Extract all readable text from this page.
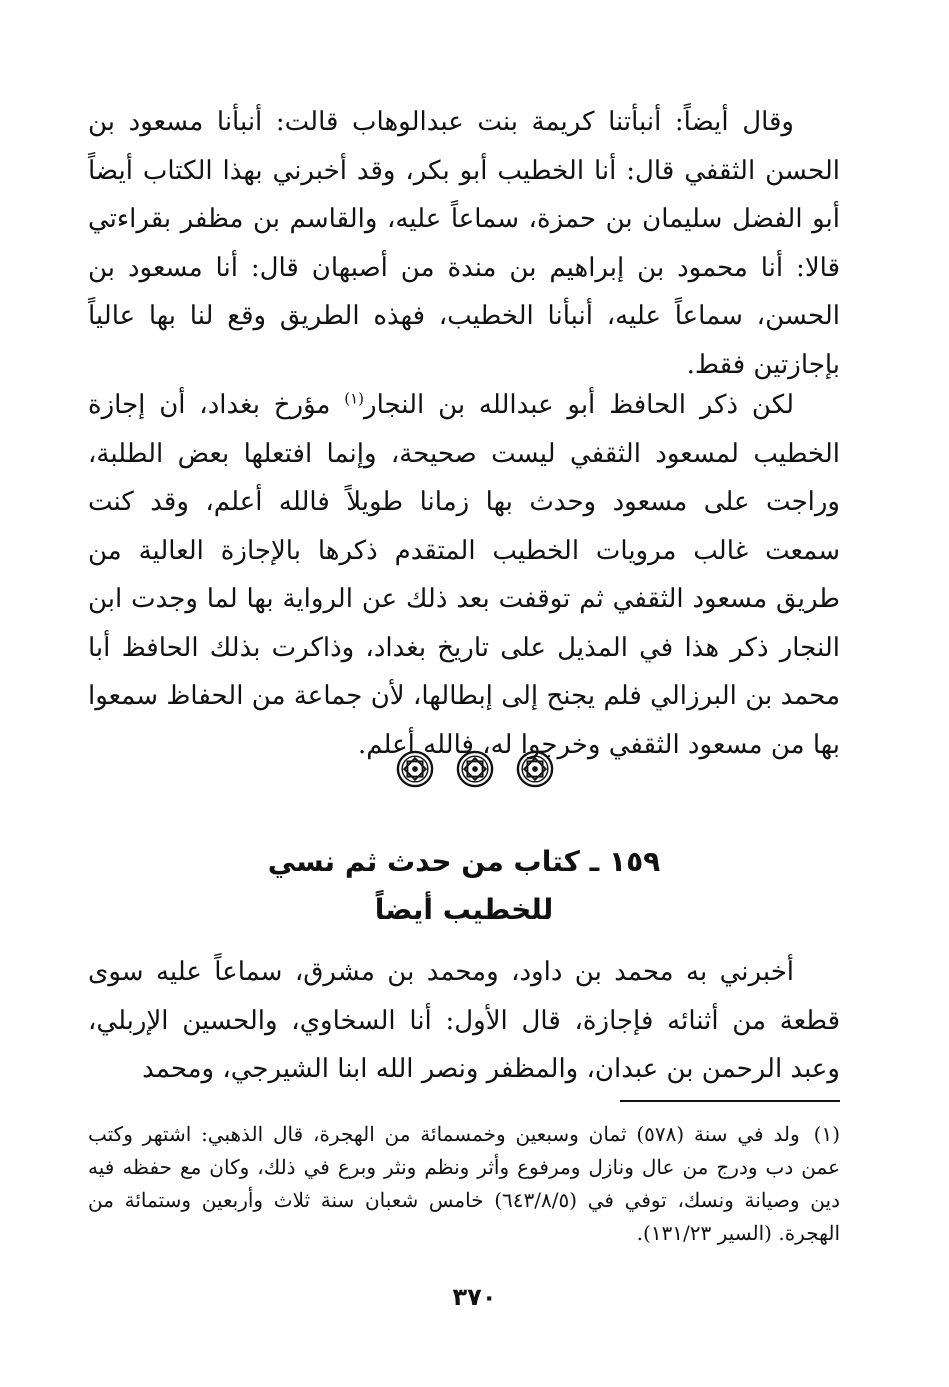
وقال أيضاً: أنبأتنا كريمة بنت عبدالوهاب قالت: أنبأنا مسعود بن الحسن الثقفي قال: أنا الخطيب أبو بكر، وقد أخبرني بهذا الكتاب أيضاً أبو الفضل سليمان بن حمزة، سماعاً عليه، والقاسم بن مظفر بقراءتي قالا: أنا محمود بن إبراهيم بن مندة من أصبهان قال: أنا مسعود بن الحسن، سماعاً عليه، أنبأنا الخطيب، فهذه الطريق وقع لنا بها عالياً بإجازتين فقط.

لكن ذكر الحافظ أبو عبدالله بن النجار$^{(١)}$ مؤرخ بغداد، أن إجازة الخطيب لمسعود الثقفي ليست صحيحة، وإنما افتعلها بعض الطلبة، وراجت على مسعود وحدث بها زمانا طويلاً فالله أعلم، وقد كنت سمعت غالب مرويات الخطيب المتقدم ذكرها بالإجازة العالية من طريق مسعود الثقفي ثم توقفت بعد ذلك عن الرواية بها لما وجدت ابن النجار ذكر هذا في المذيل على تاريخ بغداد، وذاكرت بذلك الحافظ أبا محمد بن البرزالي فلم يجنح إلى إبطالها، لأن جماعة من الحفاظ سمعوا بها من مسعود الثقفي وخرجوا له، فالله أعلم.

١٥٩ ـ كتاب من حدث ثم نسي
للخطيب أيضاً

أخبرني به محمد بن داود، ومحمد بن مشرق، سماعاً عليه سوى قطعة من أثنائه فإجازة، قال الأول: أنا السخاوي، والحسين الإربلي، وعبد الرحمن بن عبدان، والمظفر ونصر الله ابنا الشيرجي، ومحمد

(١)ولد في سنة (٥٧٨) ثمان وسبعين وخمسمائة من الهجرة، قال الذهبي: اشتهر وكتب عمن دب ودرج من عال ونازل ومرفوع وأثر ونظم ونثر وبرع في ذلك، وكان مع حفظه فيه دين وصيانة ونسك، توفي في (٦٤٣/٨/٥) خامس شعبان سنة ثلاث وأربعين وستمائة من الهجرة. (السير ١٣١/٢٣).

٣٧٠
